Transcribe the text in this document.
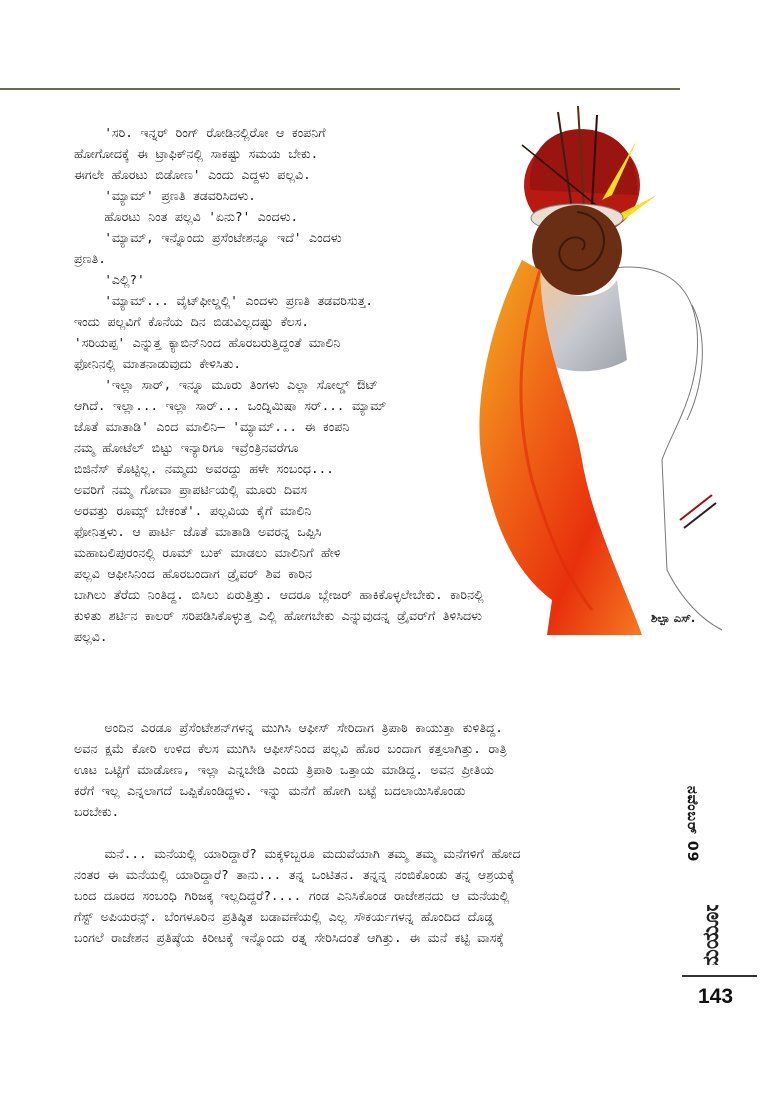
ಶಿಲ್ಪಾ ಎಸ್.
'ಸರಿ. ಇನ್ನರ್ ರಿಂಗ್ ರೋಡಿನಲ್ಲಿರೋ ಆ ಕಂಪನಿಗೆ
ಹೋಗೋದಕ್ಕೆ ಈ ಟ್ರಾಫಿಕ್‌ನಲ್ಲಿ ಸಾಕಷ್ಟು ಸಮಯ ಬೇಕು.
ಈಗಲೇ ಹೊರಟು ಬಿಡೋಣ' ಎಂದು ಎದ್ದಳು ಪಲ್ಲವಿ.
'ಮ್ಯಾಮ್' ಪ್ರಣತಿ ತಡವರಿಸಿದಳು.
ಹೊರಟು ನಿಂತ ಪಲ್ಲವಿ 'ಏನು?' ಎಂದಳು.
'ಮ್ಯಾಮ್, ಇನ್ನೊಂದು ಪ್ರಸೆಂಟೇಶನ್ನೂ ಇದೆ' ಎಂದಳು
ಪ್ರಣತಿ.
'ಎಲ್ಲಿ?'
'ಮ್ಯಾಮ್... ವೈಟ್‌ಫೀಲ್ಡಲ್ಲಿ' ಎಂದಳು ಪ್ರಣತಿ ತಡವರಿಸುತ್ತ.
ಇಂದು ಪಲ್ಲವಿಗೆ ಕೊನೆಯ ದಿನ ಬಿಡುವಿಲ್ಲದಷ್ಟು ಕೆಲಸ.
'ಸರಿಯಪ್ಪ' ಎನ್ನುತ್ತ ಕ್ಯಾಬಿನ್‌ನಿಂದ ಹೊರಬರುತ್ತಿದ್ದಂತೆ ಮಾಲಿನಿ
ಫೋನಿನಲ್ಲಿ ಮಾತನಾಡುವುದು ಕೇಳಿಸಿತು.
'ಇಲ್ಲಾ ಸಾರ್, ಇನ್ನೂ ಮೂರು ತಿಂಗಳು ಎಲ್ಲಾ ಸೋಲ್ಡ್ ಔಟ್
ಆಗಿದೆ. ಇಲ್ಲಾ... ಇಲ್ಲಾ ಸಾರ್... ಒಂದ್ನಿಮಿಷಾ ಸರ್... ಮ್ಯಾಮ್
ಜೊತೆ ಮಾತಾಡಿ' ಎಂದ ಮಾಲಿನಿ– 'ಮ್ಯಾಮ್... ಈ ಕಂಪನಿ
ನಮ್ಮ ಹೋಟೆಲ್ ಬಿಟ್ಟು ಇನ್ಯಾರಿಗೂ ಇವ್ರೆಂತ್ರಿನವರೆಗೂ
ಬಿಜಿನೆಸ್ ಕೊಟ್ಟಿಲ್ಲ. ನಮ್ಮದು ಅವರದ್ದು ಹಳೇ ಸಂಬಂಧ...
ಅವರಿಗೆ ನಮ್ಮ ಗೋವಾ ಪ್ರಾಪರ್ಟಿಯಲ್ಲಿ ಮೂರು ದಿವಸ
ಅರವತ್ತು ರೂಮ್ಸ್ ಬೇಕಂತೆ'. ಪಲ್ಲವಿಯ ಕೈಗೆ ಮಾಲಿನಿ
ಫೋನಿತ್ತಳು. ಆ ಪಾರ್ಟಿ ಜೊತೆ ಮಾತಾಡಿ ಅವರನ್ನ ಒಪ್ಪಿಸಿ
ಮಹಾಬಲಿಪುರಂನಲ್ಲಿ ರೂಮ್ ಬುಕ್ ಮಾಡಲು ಮಾಲಿನಿಗೆ ಹೇಳಿ
ಪಲ್ಲವಿ ಆಫೀಸಿನಿಂದ ಹೊರಬಂದಾಗ ಡ್ರೈವರ್ ಶಿವ ಕಾರಿನ
ಬಾಗಿಲು ತೆರೆದು ನಿಂತಿದ್ದ. ಬಿಸಿಲು ಏರುತ್ತಿತ್ತು. ಆದರೂ ಬ್ಲೇಜರ್ ಹಾಕಿಕೊಳ್ಳಲೇಬೇಕು. ಕಾರಿನಲ್ಲಿ
ಕುಳಿತು ಶರ್ಟಿನ ಕಾಲರ್ ಸರಿಪಡಿಸಿಕೊಳ್ಳುತ್ತ ಎಲ್ಲಿ ಹೋಗಬೇಕು ಎನ್ನುವುದನ್ನ ಡ್ರೈವರ್‌ಗೆ ತಿಳಿಸಿದಳು
ಪಲ್ಲವಿ.
ಅಂದಿನ ಎರಡೂ ಪ್ರೆಸೆಂಟೇಶನ್‌ಗಳನ್ನ ಮುಗಿಸಿ ಆಫೀಸ್ ಸೇರಿದಾಗ ತ್ರಿಪಾಠಿ ಕಾಯುತ್ತಾ ಕುಳಿತಿದ್ದ.
ಅವನ ಕ್ಷಮೆ ಕೋರಿ ಉಳಿದ ಕೆಲಸ ಮುಗಿಸಿ ಆಫೀಸ್‌ನಿಂದ ಪಲ್ಲವಿ ಹೊರ ಬಂದಾಗ ಕತ್ತಲಾಗಿತ್ತು. ರಾತ್ರಿ
ಊಟ ಒಟ್ಟಿಗೆ ಮಾಡೋಣ, ಇಲ್ಲಾ ಎನ್ನಬೇಡಿ ಎಂದು ತ್ರಿಪಾಠಿ ಒತ್ತಾಯ ಮಾಡಿದ್ದ. ಅವನ ಪ್ರೀತಿಯ
ಕರೆಗೆ ಇಲ್ಲ ಎನ್ನಲಾಗದೆ ಒಪ್ಪಿಕೊಂಡಿದ್ದಳು. ಇನ್ನು ಮನೆಗೆ ಹೋಗಿ ಬಟ್ಟೆ ಬದಲಾಯಿಸಿಕೊಂಡು
ಬರಬೇಕು.
ಮನೆ... ಮನೆಯಲ್ಲಿ ಯಾರಿದ್ದಾರೆ? ಮಕ್ಕಳಿಬ್ಬರೂ ಮದುವೆಯಾಗಿ ತಮ್ಮ ತಮ್ಮ ಮನೆಗಳಿಗೆ ಹೋದ
ನಂತರ ಈ ಮನೆಯಲ್ಲಿ ಯಾರಿದ್ದಾರೆ? ತಾನು... ತನ್ನ ಒಂಟಿತನ. ತನ್ನನ್ನ ನಂಬಿಕೊಂಡು ತನ್ನ ಆಶ್ರಯಕ್ಕೆ
ಬಂದ ದೂರದ ಸಂಬಂಧಿ ಗಿರಿಜಕ್ಕ ಇಲ್ಲದಿದ್ದರೆ?.... ಗಂಡ ಎನಿಸಿಕೊಂಡ ರಾಜೇಶನದು ಆ ಮನೆಯಲ್ಲಿ
ಗೆಸ್ಟ್ ಅಪಿಯರನ್ಸ್. ಬೆಂಗಳೂರಿನ ಪ್ರತಿಷ್ಠಿತ ಬಡಾವಣೆಯಲ್ಲಿ ಎಲ್ಲ ಸೌಕರ್ಯಗಳನ್ನ ಹೊಂದಿದ ದೊಡ್ಡ
ಬಂಗಲೆ ರಾಜೇಶನ ಪ್ರತಿಷ್ಠೆಯ ಕಿರೀಟಕ್ಕೆ ಇನ್ನೊಂದು ರತ್ನ ಸೇರಿಸಿದಂತೆ ಆಗಿತ್ತು. ಈ ಮನೆ ಕಟ್ಟಿ ವಾಸಕ್ಕೆ
ನವೆಂಬರ್ 09
ಮಯೂರ
143
